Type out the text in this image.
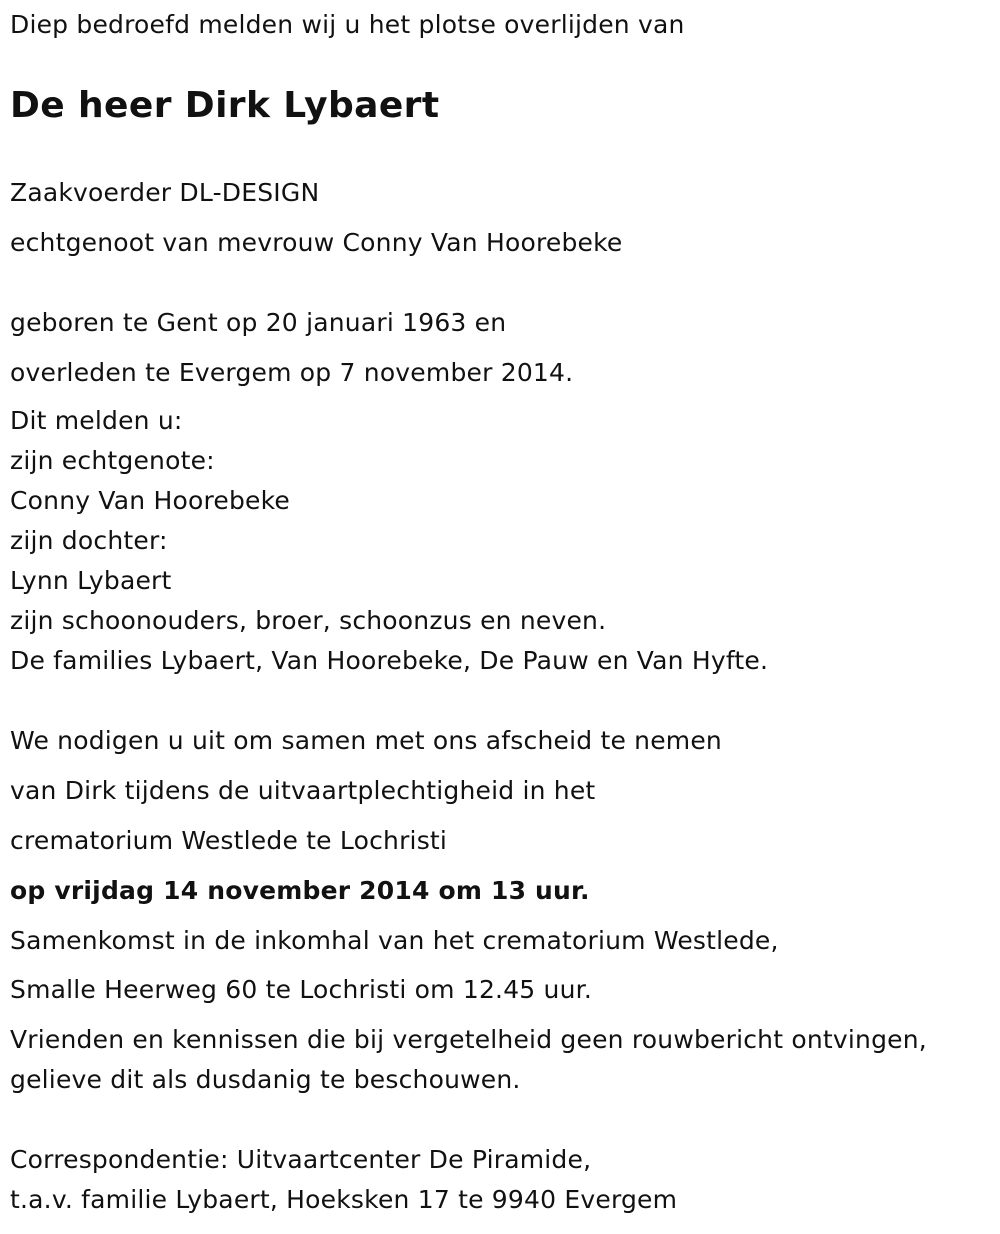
Diep bedroefd melden wij u het plotse overlijden van
De heer Dirk Lybaert
Zaakvoerder DL-DESIGN
echtgenoot van mevrouw Conny Van Hoorebeke
geboren te Gent op 20 januari 1963 en
overleden te Evergem op 7 november 2014.
Dit melden u:
zijn echtgenote:
Conny Van Hoorebeke
zijn dochter:
Lynn Lybaert
zijn schoonouders, broer, schoonzus en neven.
De families Lybaert, Van Hoorebeke, De Pauw en Van Hyfte.
We nodigen u uit om samen met ons afscheid te nemen
van Dirk tijdens de uitvaartplechtigheid in het
crematorium Westlede te Lochristi
op vrijdag 14 november 2014 om 13 uur.
Samenkomst in de inkomhal van het crematorium Westlede,
Smalle Heerweg 60 te Lochristi om 12.45 uur.
Vrienden en kennissen die bij vergetelheid geen rouwbericht ontvingen,
gelieve dit als dusdanig te beschouwen.
Correspondentie: Uitvaartcenter De Piramide,
t.a.v. familie Lybaert, Hoeksken 17 te 9940 Evergem
